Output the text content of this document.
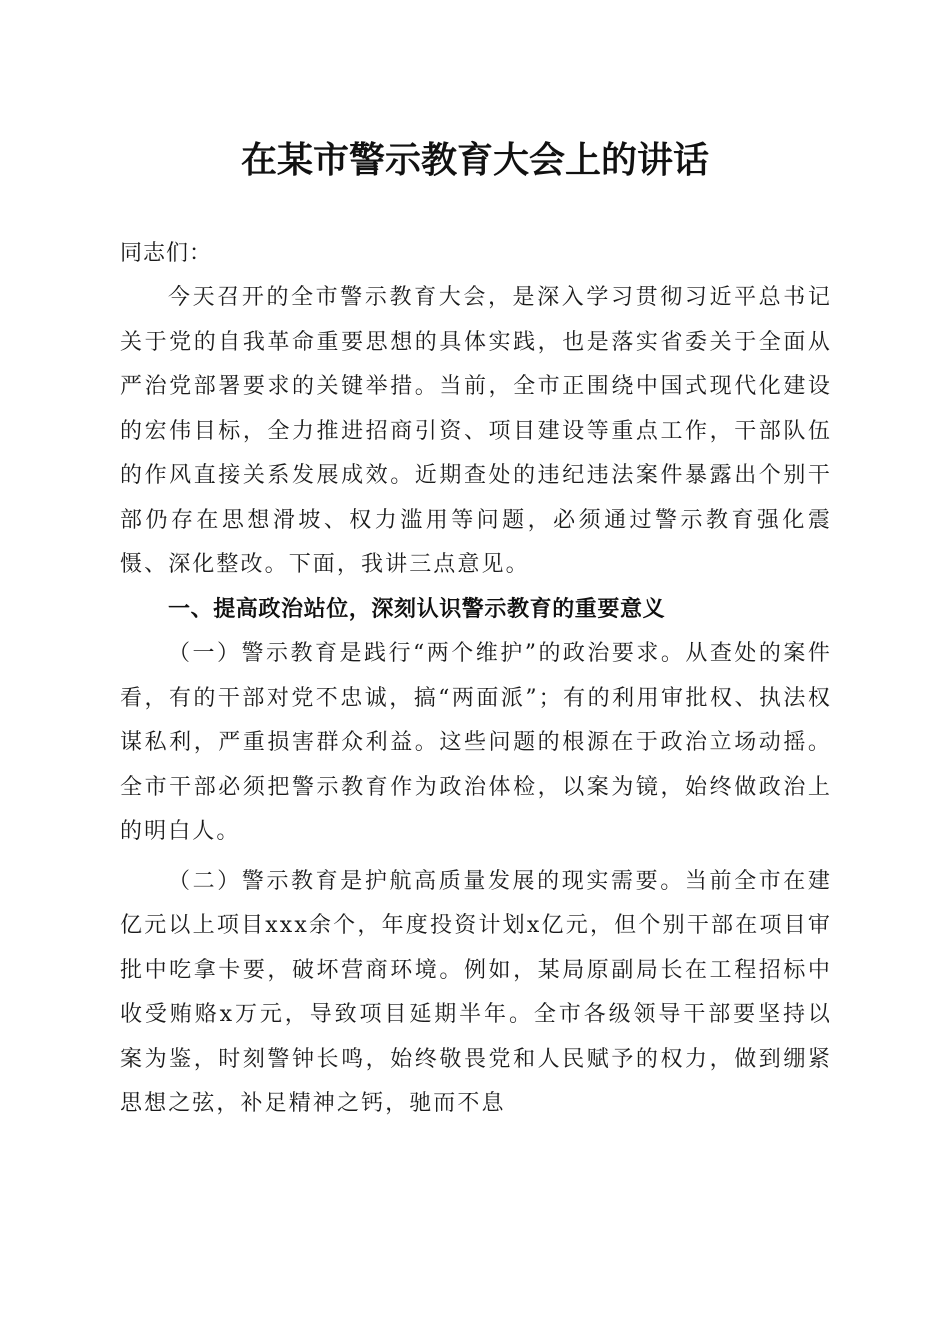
在某市警示教育大会上的讲话

同志们：

今天召开的全市警示教育大会，是深入学习贯彻习近平总书记关于党的自我革命重要思想的具体实践，也是落实省委关于全面从严治党部署要求的关键举措。当前，全市正围绕中国式现代化建设的宏伟目标，全力推进招商引资、项目建设等重点工作，干部队伍的作风直接关系发展成效。近期查处的违纪违法案件暴露出个别干部仍存在思想滑坡、权力滥用等问题，必须通过警示教育强化震慑、深化整改。下面，我讲三点意见。

一、提高政治站位，深刻认识警示教育的重要意义

（一）警示教育是践行“两个维护”的政治要求。从查处的案件看，有的干部对党不忠诚，搞“两面派”；有的利用审批权、执法权谋私利，严重损害群众利益。这些问题的根源在于政治立场动摇。全市干部必须把警示教育作为政治体检，以案为镜，始终做政治上的明白人。

（二）警示教育是护航高质量发展的现实需要。当前全市在建亿元以上项目xxx余个，年度投资计划x亿元，但个别干部在项目审批中吃拿卡要，破坏营商环境。例如，某局原副局长在工程招标中收受贿赂x万元，导致项目延期半年。全市各级领导干部要坚持以案为鉴，时刻警钟长鸣，始终敬畏党和人民赋予的权力，做到绷紧思想之弦，补足精神之钙，驰而不息
